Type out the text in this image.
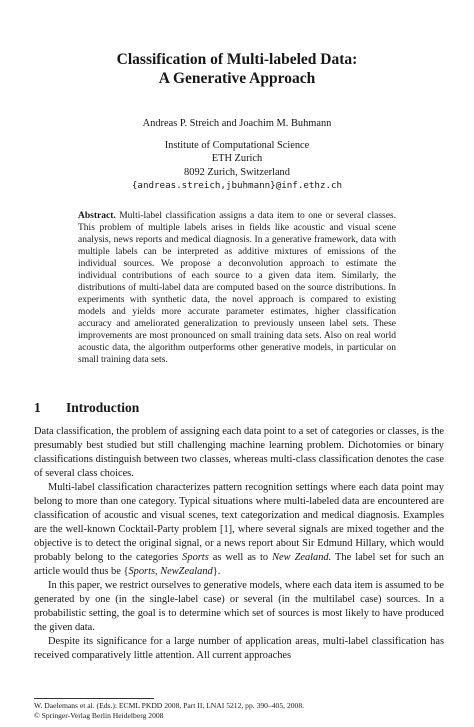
Classification of Multi-labeled Data:
A Generative Approach
Andreas P. Streich and Joachim M. Buhmann
Institute of Computational Science
ETH Zurich
8092 Zurich, Switzerland
{andreas.streich,jbuhmann}@inf.ethz.ch
Abstract. Multi-label classification assigns a data item to one or several classes. This problem of multiple labels arises in fields like acoustic and visual scene analysis, news reports and medical diagnosis. In a generative framework, data with multiple labels can be interpreted as additive mixtures of emissions of the individual sources. We propose a deconvolution approach to estimate the individual contributions of each source to a given data item. Similarly, the distributions of multi-label data are computed based on the source distributions. In experiments with synthetic data, the novel approach is compared to existing models and yields more accurate parameter estimates, higher classification accuracy and ameliorated generalization to previously unseen label sets. These improvements are most pronounced on small training data sets. Also on real world acoustic data, the algorithm outperforms other generative models, in particular on small training data sets.
1 Introduction

Data classification, the problem of assigning each data point to a set of categories or classes, is the presumably best studied but still challenging machine learning problem. Dichotomies or binary classifications distinguish between two classes, whereas multi-class classification denotes the case of several class choices.

Multi-label classification characterizes pattern recognition settings where each data point may belong to more than one category. Typical situations where multi-labeled data are encountered are classification of acoustic and visual scenes, text categorization and medical diagnosis. Examples are the well-known Cocktail-Party problem [1], where several signals are mixed together and the objective is to detect the original signal, or a news report about Sir Edmund Hillary, which would probably belong to the categories Sports as well as to New Zealand. The label set for such an article would thus be {Sports, NewZealand}.

In this paper, we restrict ourselves to generative models, where each data item is assumed to be generated by one (in the single-label case) or several (in the multilabel case) sources. In a probabilistic setting, the goal is to determine which set of sources is most likely to have produced the given data.

Despite its significance for a large number of application areas, multi-label classification has received comparatively little attention. All current approaches

W. Daelemans et al. (Eds.): ECML PKDD 2008, Part II, LNAI 5212, pp. 390–405, 2008.
© Springer-Verlag Berlin Heidelberg 2008
